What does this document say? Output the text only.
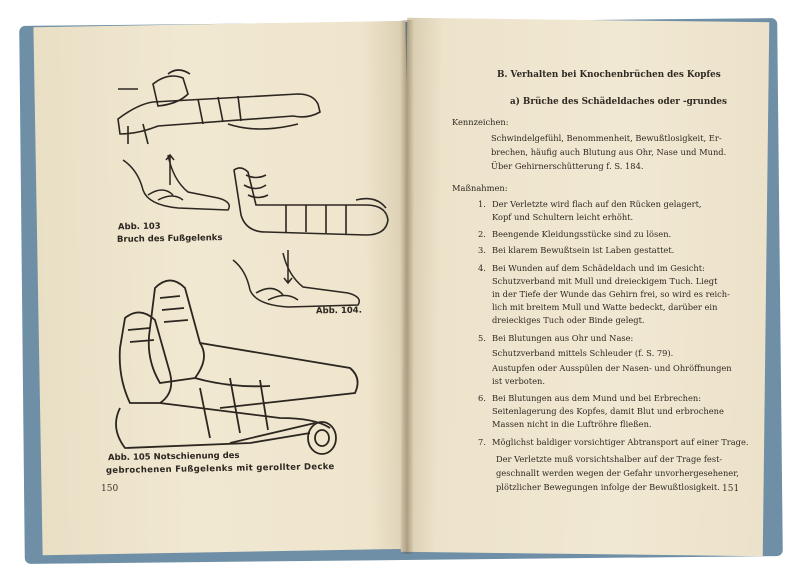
Abb. 103
Bruch des Fußgelenks
Abb. 104.
Abb. 105 Notschienung des
gebrochenen Fußgelenks mit gerollter Decke
150
B. Verhalten bei Knochenbrüchen des Kopfes
a) Brüche des Schädeldaches oder -grundes
Kennzeichen:
Schwindelgefühl, Benommenheit, Bewußtlosigkeit, Er-
brechen, häufig auch Blutung aus Ohr, Nase und Mund.
Über Gehirnerschütterung f. S. 184.
Maßnahmen:
1. Der Verletzte wird flach auf den Rücken gelagert,
Kopf und Schultern leicht erhöht.
2. Beengende Kleidungsstücke sind zu lösen.
3. Bei klarem Bewußtsein ist Laben gestattet.
4. Bei Wunden auf dem Schädeldach und im Gesicht:
Schutzverband mit Mull und dreieckigem Tuch. Liegt
in der Tiefe der Wunde das Gehirn frei, so wird es reich-
lich mit breitem Mull und Watte bedeckt, darüber ein
dreieckiges Tuch oder Binde gelegt.
5. Bei Blutungen aus Ohr und Nase:
Schutzverband mittels Schleuder (f. S. 79).
Austupfen oder Ausspülen der Nasen- und Ohröffnungen
ist verboten.
6. Bei Blutungen aus dem Mund und bei Erbrechen:
Seitenlagerung des Kopfes, damit Blut und erbrochene
Massen nicht in die Luftröhre fließen.
7. Möglichst baldiger vorsichtiger Abtransport auf einer Trage.
Der Verletzte muß vorsichtshalber auf der Trage fest-
geschnallt werden wegen der Gefahr unvorhergesehener,
plötzlicher Bewegungen infolge der Bewußtlosigkeit. 151
